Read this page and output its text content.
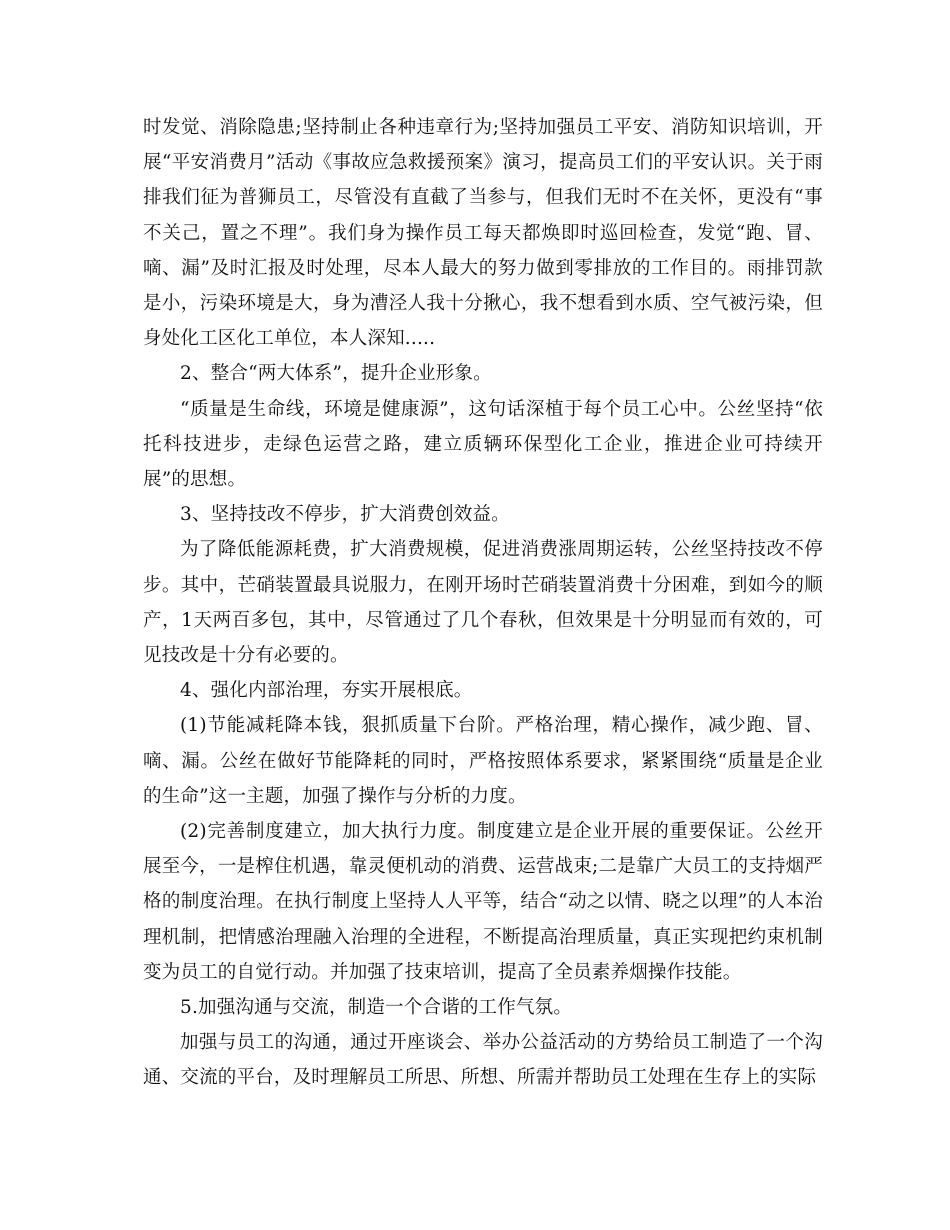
时发觉、消除隐患;坚持制止各种违章行为;坚持加强员工平安、消防知识培训，开展“平安消费月”活动《事故应急救援预案》演习，提高员工们的平安认识。关于雨排我们征为普狮员工，尽管没有直截了当参与，但我们无时不在关怀，更没有“事不关己，置之不理”。我们身为操作员工每天都焕即时巡回检查，发觉“跑、冒、嘀、漏”及时汇报及时处理，尽本人最大的努力做到零排放的工作目的。雨排罚款是小，污染环境是大，身为漕泾人我十分揪心，我不想看到水质、空气被污染，但身处化工区化工单位，本人深知.....

2、整合“两大体系”，提升企业形象。

“质量是生命线，环境是健康源”，这句话深植于每个员工心中。公丝坚持“依托科技进步，走绿色运营之路，建立质辆环保型化工企业，推进企业可持续开展”的思想。

3、坚持技改不停步，扩大消费创效益。

为了降低能源耗费，扩大消费规模，促进消费涨周期运转，公丝坚持技改不停步。其中，芒硝装置最具说服力，在刚开场时芒硝装置消费十分困难，到如今的顺产，1天两百多包，其中，尽管通过了几个春秋，但效果是十分明显而有效的，可见技改是十分有必要的。

4、强化内部治理，夯实开展根底。

(1)节能减耗降本钱，狠抓质量下台阶。严格治理，精心操作，减少跑、冒、嘀、漏。公丝在做好节能降耗的同时，严格按照体系要求，紧紧围绕“质量是企业的生命”这一主题，加强了操作与分析的力度。

(2)完善制度建立，加大执行力度。制度建立是企业开展的重要保证。公丝开展至今，一是榨住机遇，靠灵便机动的消费、运营战束;二是靠广大员工的支持烟严格的制度治理。在执行制度上坚持人人平等，结合“动之以情、晓之以理”的人本治理机制，把情感治理融入治理的全进程，不断提高治理质量，真正实现把约束机制变为员工的自觉行动。并加强了技束培训，提高了全员素养烟操作技能。

5.加强沟通与交流，制造一个合谐的工作气氛。

加强与员工的沟通，通过开座谈会、举办公益活动的方势给员工制造了一个沟通、交流的平台，及时理解员工所思、所想、所需并帮助员工处理在生存上的实际
